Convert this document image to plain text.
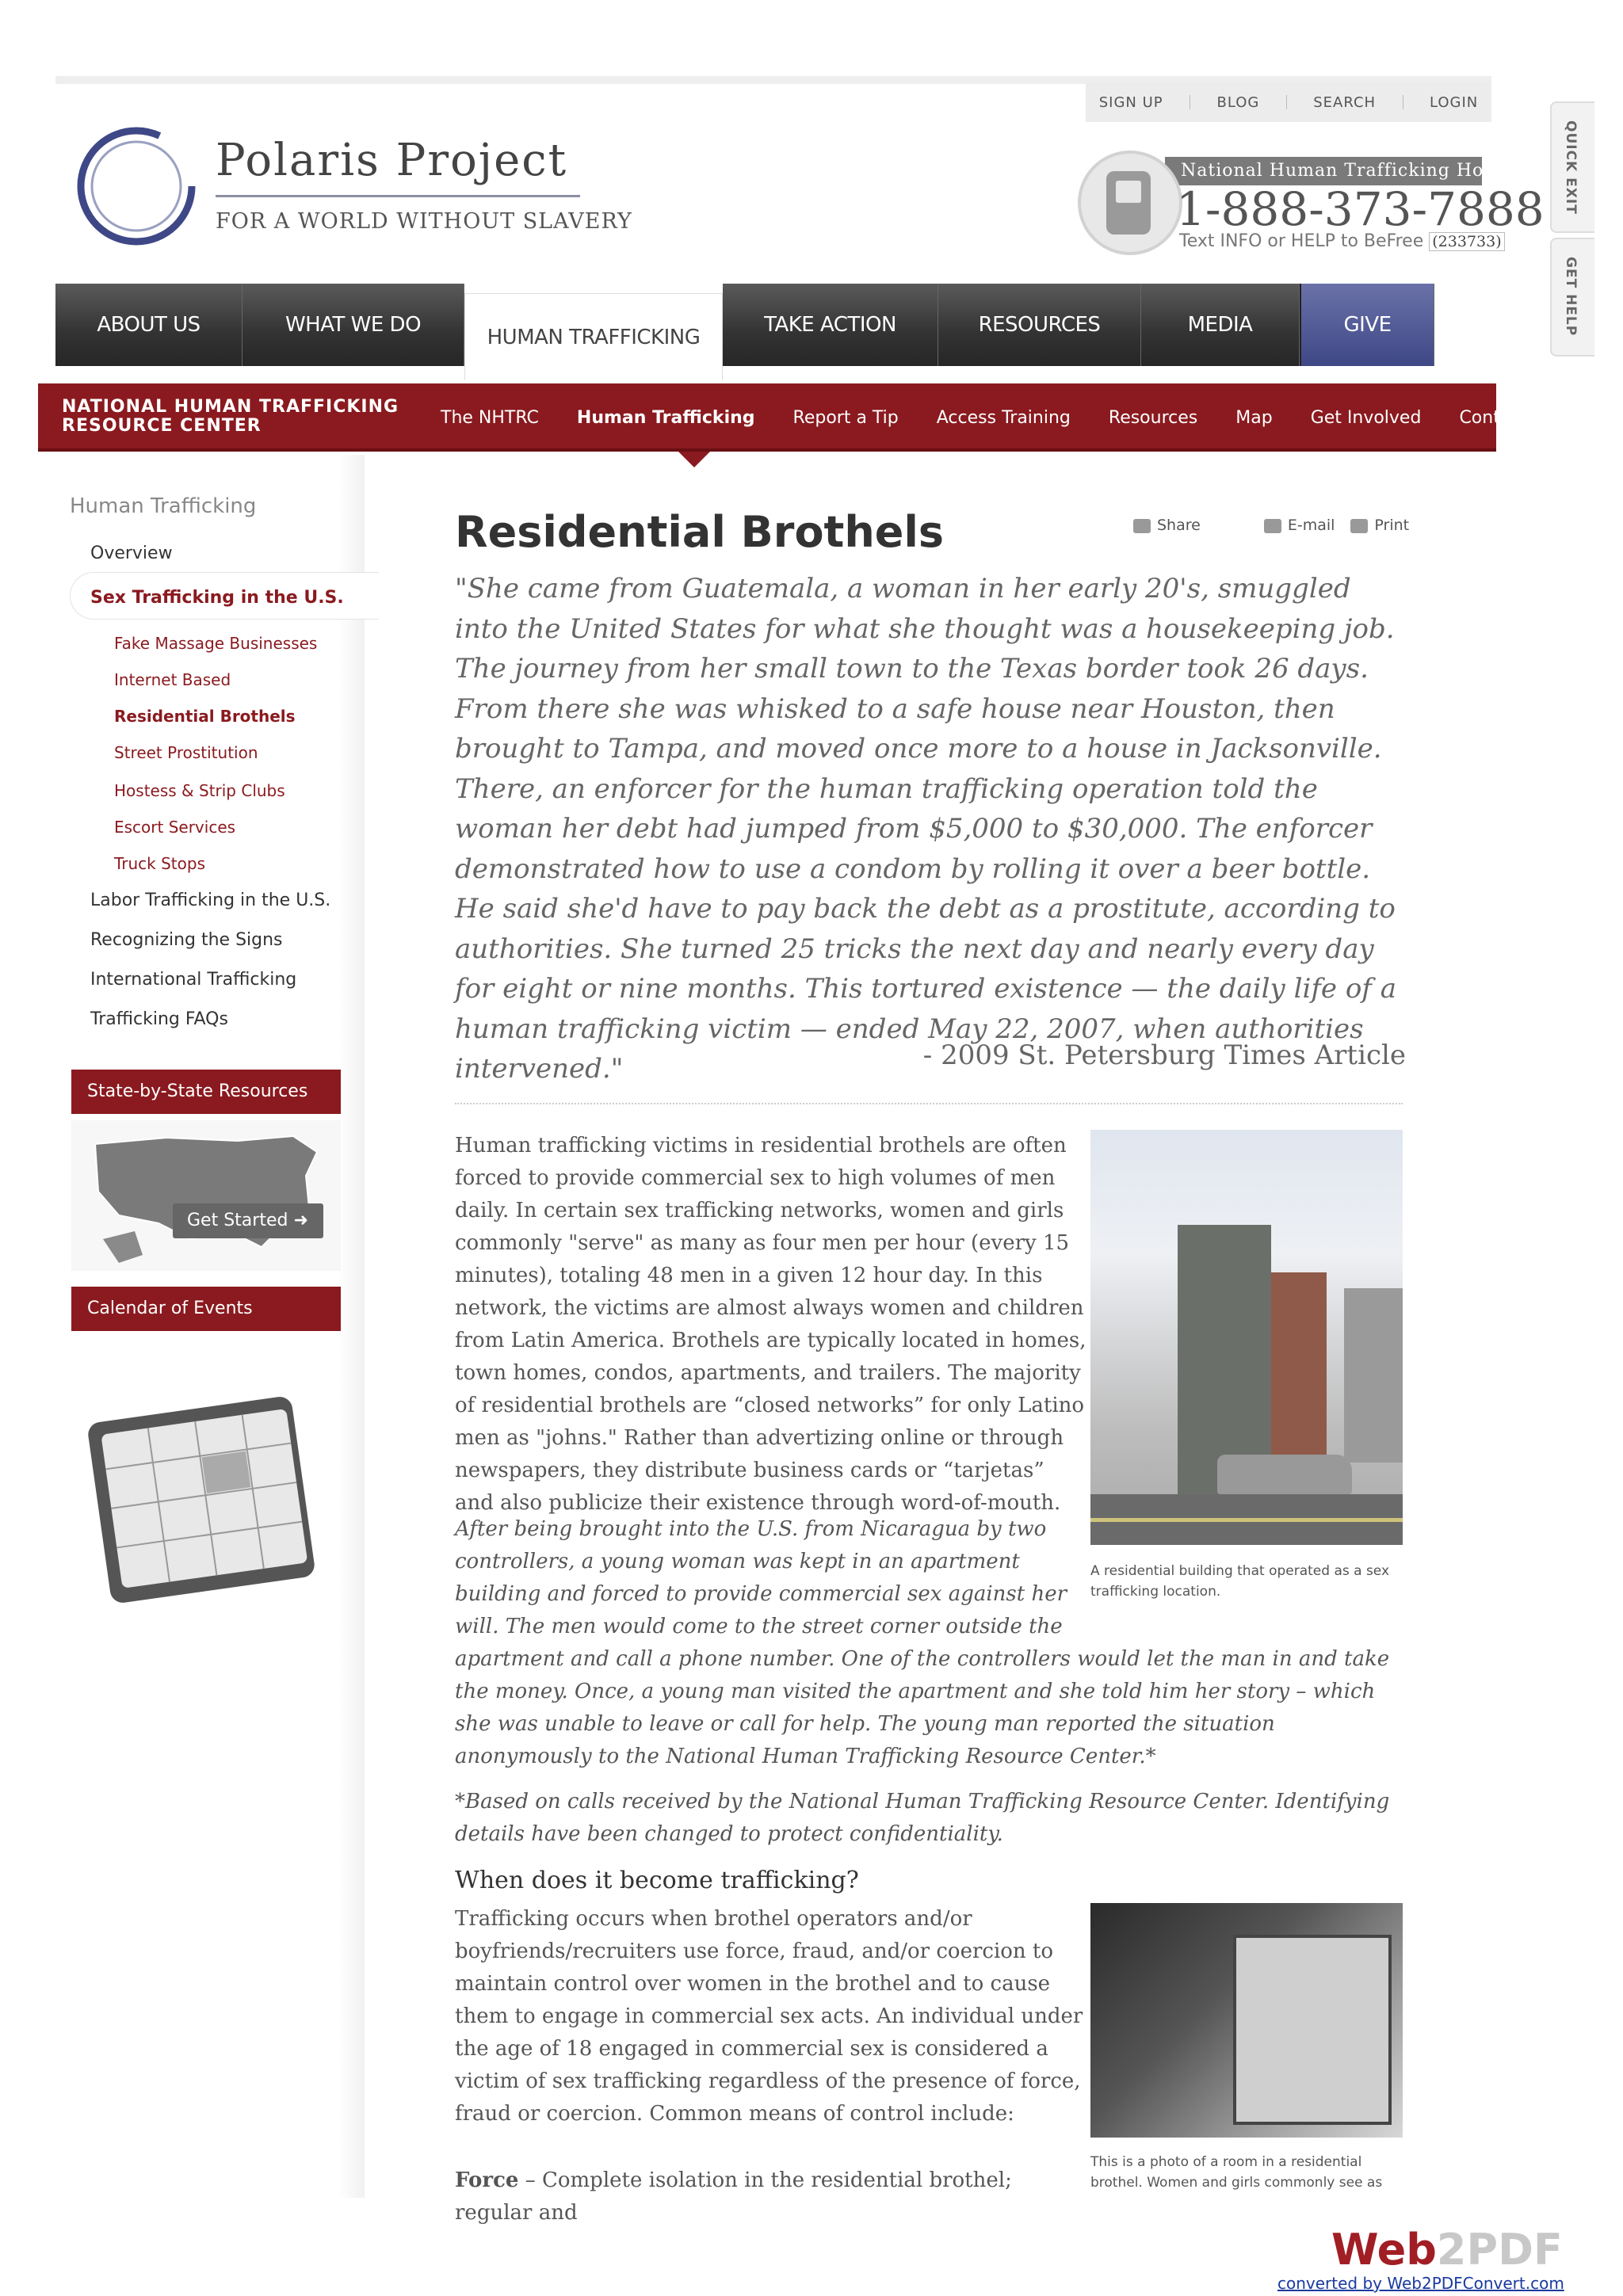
SIGN UP	BLOG	SEARCH	LOGIN
Polaris Project
FOR A WORLD WITHOUT SLAVERY
National Human Trafficking Hotline
1-888-373-7888
Text INFO or HELP to BeFree (233733)
QUICK EXIT
GET HELP
ABOUT US	WHAT WE DO
HUMAN TRAFFICKING
TAKE ACTION	RESOURCES	MEDIA	GIVE
NATIONAL HUMAN TRAFFICKING
RESOURCE CENTER	The NHTRC Human Trafficking Report a Tip Access Training Resources Map Get Involved Contact
Human Trafficking
Overview
Sex Trafficking in the U.S.
Fake Massage Businesses
Internet Based
Residential Brothels
Street Prostitution
Hostess & Strip Clubs
Escort Services
Truck Stops
Labor Trafficking in the U.S.
Recognizing the Signs
International Trafficking
Trafficking FAQs
State-by-State Resources
Get Started ➜
Calendar of Events
Residential Brothels	Share	E-mail	Print
"She came from Guatemala, a woman in her early 20's, smuggled into the United States for what she thought was a housekeeping job. The journey from her small town to the Texas border took 26 days. From there she was whisked to a safe house near Houston, then brought to Tampa, and moved once more to a house in Jacksonville. There, an enforcer for the human trafficking operation told the woman her debt had jumped from $5,000 to $30,000. The enforcer demonstrated how to use a condom by rolling it over a beer bottle. He said she'd have to pay back the debt as a prostitute, according to authorities. She turned 25 tricks the next day and nearly every day for eight or nine months. This tortured existence — the daily life of a human trafficking victim — ended May 22, 2007, when authorities intervened."	- 2009 St. Petersburg Times Article
Human trafficking victims in residential brothels are often forced to provide commercial sex to high volumes of men daily. In certain sex trafficking networks, women and girls commonly "serve" as many as four men per hour (every 15 minutes), totaling 48 men in a given 12 hour day. In this network, the victims are almost always women and children from Latin America. Brothels are typically located in homes, town homes, condos, apartments, and trailers. The majority of residential brothels are “closed networks” for only Latino men as "johns." Rather than advertizing online or through newspapers, they distribute business cards or “tarjetas” and also publicize their existence through word-of-mouth.
A residential building that operated as a sex trafficking location.
After being brought into the U.S. from Nicaragua by two controllers, a young woman was kept in an apartment building and forced to provide commercial sex against her will. The men would come to the street corner outside the apartment and call a phone number. One of the controllers would let the man in and take the money. Once, a young man visited the apartment and she told him her story – which she was unable to leave or call for help. The young man reported the situation anonymously to the National Human Trafficking Resource Center.*
*Based on calls received by the National Human Trafficking Resource Center. Identifying details have been changed to protect confidentiality.
When does it become trafficking?
Trafficking occurs when brothel operators and/or boyfriends/recruiters use force, fraud, and/or coercion to maintain control over women in the brothel and to cause them to engage in commercial sex acts. An individual under the age of 18 engaged in commercial sex is considered a victim of sex trafficking regardless of the presence of force, fraud or coercion. Common means of control include:
This is a photo of a room in a residential brothel. Women and girls commonly see as
Force – Complete isolation in the residential brothel; regular and
Web2PDF
converted by Web2PDFConvert.com
